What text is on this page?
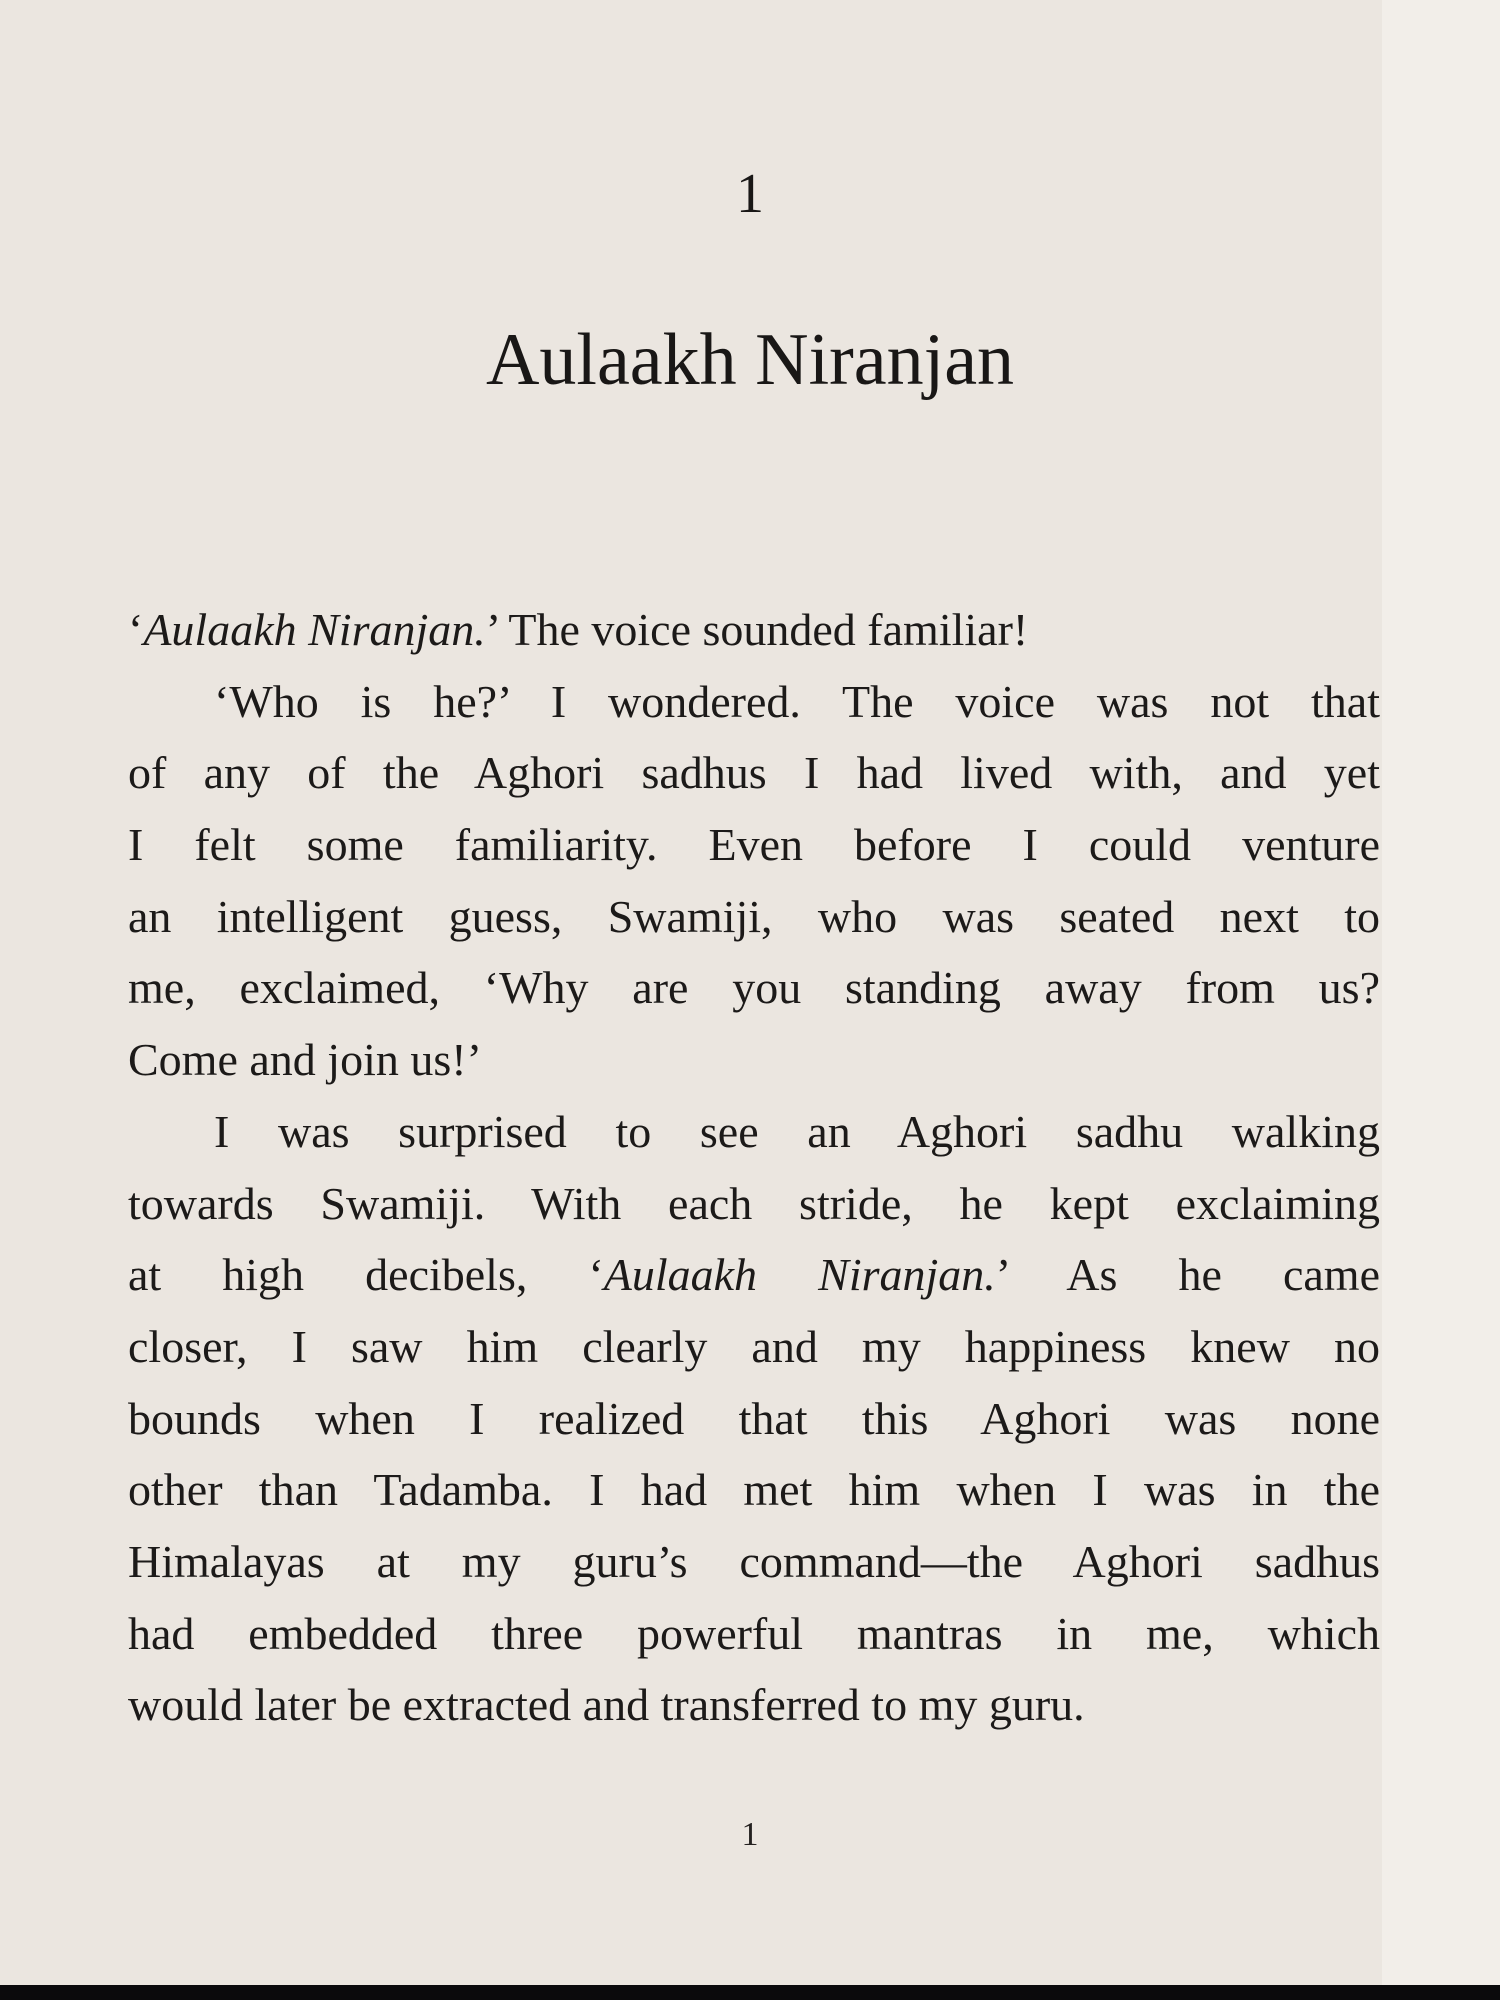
1
Aulaakh Niranjan
‘Aulaakh Niranjan.’ The voice sounded familiar!
‘Who is he?’ I wondered. The voice was not that
of any of the Aghori sadhus I had lived with, and yet
I felt some familiarity. Even before I could venture
an intelligent guess, Swamiji, who was seated next to
me, exclaimed, ‘Why are you standing away from us?
Come and join us!’
I was surprised to see an Aghori sadhu walking
towards Swamiji. With each stride, he kept exclaiming
at high decibels, ‘Aulaakh Niranjan.’ As he came
closer, I saw him clearly and my happiness knew no
bounds when I realized that this Aghori was none
other than Tadamba. I had met him when I was in the
Himalayas at my guru’s command—the Aghori sadhus
had embedded three powerful mantras in me, which
would later be extracted and transferred to my guru.
1
